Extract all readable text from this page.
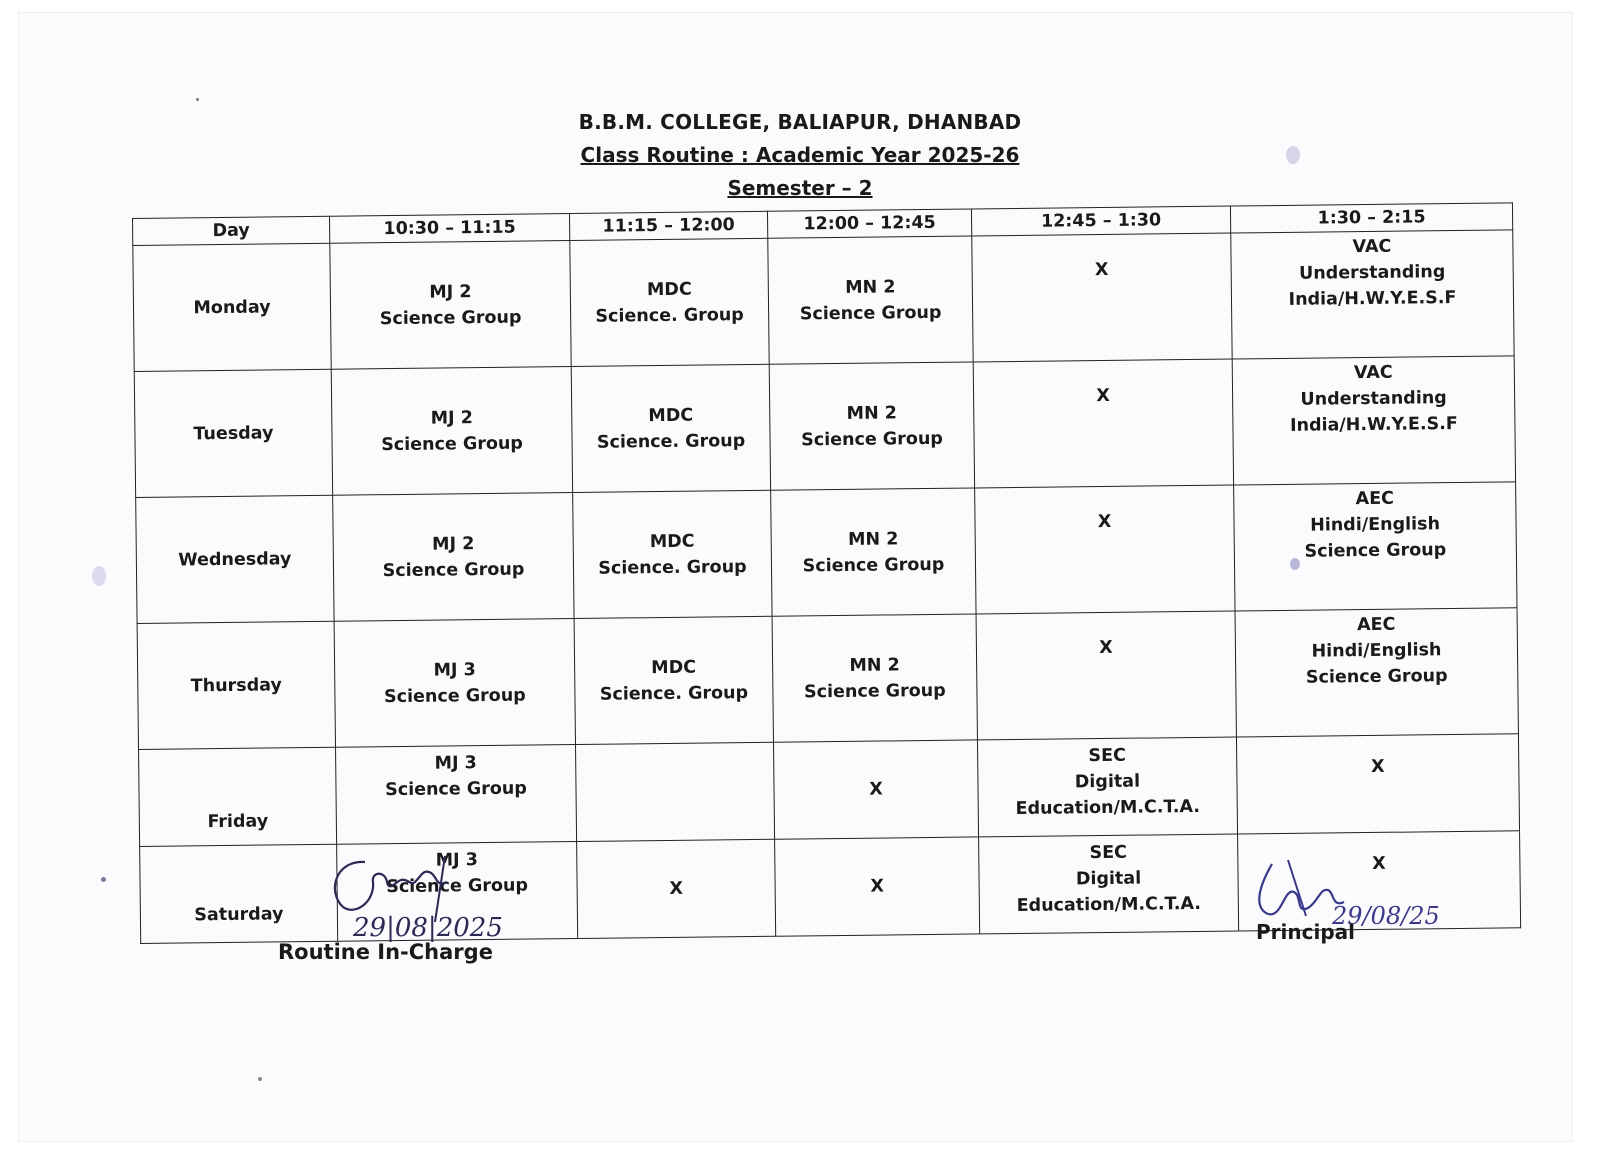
B.B.M. COLLEGE, BALIAPUR, DHANBAD
Class Routine : Academic Year 2025-26
Semester – 2
Day	10:30 – 11:15	11:15 – 12:00	12:00 – 12:45	12:45 – 1:30	1:30 – 2:15
Monday	MJ 2
Science Group	MDC
Science. Group	MN 2
Science Group	X	VAC
Understanding
India/H.W.Y.E.S.F

Tuesday	MJ 2
Science Group	MDC
Science. Group	MN 2
Science Group	X	VAC
Understanding
India/H.W.Y.E.S.F

Wednesday	MJ 2
Science Group	MDC
Science. Group	MN 2
Science Group	X	AEC
Hindi/English
Science Group

Thursday	MJ 3
Science Group	MDC
Science. Group	MN 2
Science Group	X	AEC
Hindi/English
Science Group

Friday	MJ 3
Science Group		X	SEC
Digital Education/M.C.T.A.	X

Saturday	MJ 3
Science Group	X	X	SEC
Digital Education/M.C.T.A.	X
29|08|2025
Routine In-Charge
29/08/25
Principal
